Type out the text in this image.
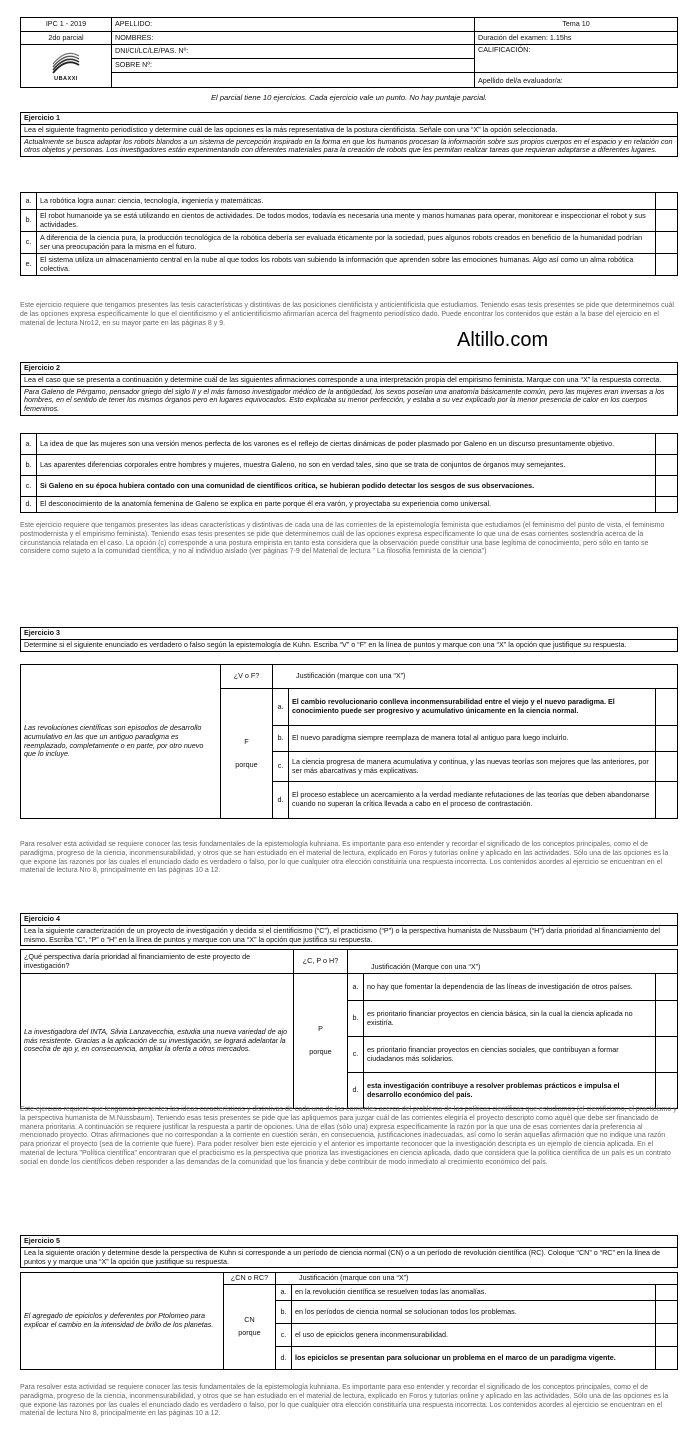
IPC 1 - 2019	APELLIDO:	Tema 10
2do parcial	NOMBRES:	Duración del examen: 1.15hs

UBAXXI	DNI/CI/LC/LE/PAS. Nº:	CALIFICACIÓN:
	SOBRE Nº:	
		Apellido del/a evaluador/a:
El parcial tiene 10 ejercicios. Cada ejercicio vale un punto. No hay puntaje parcial.
Ejercicio 1
Lea el siguiente fragmento periodístico y determine cuál de las opciones es la más representativa de la postura cientificista. Señale con una “X” la opción seleccionada.
Actualmente se busca adaptar los robots blandos a un sistema de percepción inspirado en la forma en que los humanos procesan la información sobre sus propios cuerpos en el espacio y en relación con otros objetos y personas. Los investigadores están experimentando con diferentes materiales para la creación de robots que les permitan realizar tareas que requieran adaptarse a diferentes lugares.
a.	La robótica logra aunar: ciencia, tecnología, ingeniería y matemáticas.	
b.	El robot humanoide ya se está utilizando en cientos de actividades. De todos modos, todavía es necesaria una mente y manos humanas para operar, monitorear e inspeccionar el robot y sus actividades.	
c.	A diferencia de la ciencia pura, la producción tecnológica de la robótica debería ser evaluada éticamente por la sociedad, pues algunos robots creados en beneficio de la humanidad podrían ser una preocupación para la misma en el futuro.	
e.	El sistema utiliza un almacenamiento central en la nube al que todos los robots van subiendo la información que aprenden sobre las emociones humanas. Algo así como un alma robótica colectiva.	
Este ejercicio requiere que tengamos presentes las tesis características y distintivas de las posiciones cientificista y anticientificista que estudiamos. Teniendo esas tesis presentes se pide que determinemos cuál de las opciones expresa específicamente lo que el cientificismo y el anticientificismo afirmarían acerca del fragmento periodístico dado. Puede encontrar los contenidos que están a la base del ejercicio en el material de lectura Nro12, en su mayor parte en las páginas 8 y 9.
Altillo.com
Ejercicio 2
Lea el caso que se presenta a continuación y determine cuál de las siguientes afirmaciones corresponde a una interpretación propia del empirismo feminista. Marque con una “X” la respuesta correcta.
Para Galeno de Pérgamo, pensador griego del siglo II y el más famoso investigador médico de la antigüedad, los sexos poseían una anatomía básicamente común, pero las mujeres eran inversas a los hombres, en el sentido de tener los mismos órganos pero en lugares equivocados. Esto explicaba su menor perfección, y estaba a su vez explicado por la menor presencia de calor en los cuerpos femeninos.
a.	La idea de que las mujeres son una versión menos perfecta de los varones es el reflejo de ciertas dinámicas de poder plasmado por Galeno en un discurso presuntamente objetivo.	
b.	Las aparentes diferencias corporales entre hombres y mujeres, muestra Galeno, no son en verdad tales, sino que se trata de conjuntos de órganos muy semejantes.	
c.	Si Galeno en su época hubiera contado con una comunidad de científicos crítica, se hubieran podido detectar los sesgos de sus observaciones.	
d.	El desconocimiento de la anatomía femenina de Galeno se explica en parte porque él era varón, y proyectaba su experiencia como universal.	
Este ejercicio requiere que tengamos presentes las ideas características y distintivas de cada una de las corrientes de la epistemología feminista que estudiamos (el feminismo del punto de vista, el feminismo postmodernista y el empirismo feminista). Teniendo esas tesis presentes se pide que determinemos cuál de las opciones expresa específicamente lo que una de esas corrientes sostendría acerca de la circunstancia relatada en el caso. La opción (c) corresponde a una postura empirista en tanto esta considera que la observación puede constituir una base legítima de conocimiento, pero sólo en tanto se considere como sujeto a la comunidad científica, y no al individuo aislado (ver páginas 7-9 del Material de lectura " La filosofía feminista de la ciencia")
Ejercicio 3
Determine si el siguiente enunciado es verdadero o falso según la epistemología de Kuhn. Escriba “V” o “F” en la línea de puntos y marque con una “X” la opción que justifique su respuesta.
Las revoluciones científicas son episodios de desarrollo acumulativo en las que un antiguo paradigma es reemplazado, completamente o en parte, por otro nuevo que lo incluye.	¿V o F?	Justificación (marque con una “X”)		

	F
porque	a.	El cambio revolucionario conlleva inconmensurabilidad entre el viejo y el nuevo paradigma. El conocimiento puede ser progresivo y acumulativo únicamente en la ciencia normal.	
		b.	El nuevo paradigma siempre reemplaza de manera total al antiguo para luego incluirlo.	
		c.	La ciencia progresa de manera acumulativa y continua, y las nuevas teorías son mejores que las anteriores, por ser más abarcativas y más explicativas.	
		d.	El proceso establece un acercamiento a la verdad mediante refutaciones de las teorías que deben abandonarse cuando no superan la crítica llevada a cabo en el proceso de contrastación.	
Para resolver esta actividad se requiere conocer las tesis fundamentales de la epistemología kuhniana. Es importante para eso entender y recordar el significado de los conceptos principales, como el de paradigma, progreso de la ciencia, inconmensurabilidad, y otros que se han estudiado en el material de lectura, explicado en Foros y tutorías online y aplicado en las actividades. Sólo una de las opciones es la que expone las razones por las cuales el enunciado dado es verdadero o falso, por lo que cualquier otra elección constituiría una respuesta incorrecta. Los contenidos acordes al ejercicio se encuentran en el material de lectura Nro 8, principalmente en las páginas 10 a 12.
Ejercicio 4
Lea la siguiente caracterización de un proyecto de investigación y decida si el cientificismo (“C”), el practicismo (“P”) o la perspectiva humanista de Nussbaum (“H”) daría prioridad al financiamiento del mismo. Escriba “C”, “P” o “H” en la línea de puntos y marque con una “X” la opción que justifica su respuesta.
¿Qué perspectiva daría prioridad al financiamiento de este proyecto de investigación?	¿C, P o H?	Justificación (Marque con una “X”)		
La investigadora del INTA, Silvia Lanzavecchia, estudia una nueva variedad de ajo más resistente. Gracias a la aplicación de su investigación, se logrará adelantar la cosecha de ajo y, en consecuencia, ampliar la oferta a otros mercados.	P
porque	a.	no hay que fomentar la dependencia de las líneas de investigación de otros países.	
		b.	es prioritario financiar proyectos en ciencia básica, sin la cual la ciencia aplicada no existiría.	
		c.	es prioritario financiar proyectos en ciencias sociales, que contribuyan a formar ciudadanos más solidarios.	
		d.	esta investigación contribuye a resolver problemas prácticos e impulsa el desarrollo económico del país.	
Este ejercicio requiere que tengamos presentes las ideas características y distintivas de cada una de las corrientes acerca del problema de las políticas científicas que estudiamos (el cientificismo, el practicismo y la perspectiva humanista de M.Nussbaum). Teniendo esas tesis presentes se pide que las apliquemos para juzgar cuál de las corrientes elegiría el proyecto descripto como aquél que debe ser financiado de manera prioritaria. A continuación se requiere justificar la respuesta a partir de opciones. Una de ellas (sólo una) expresa específicamente la razón por la que una de esas corrientes daría preferencia al mencionado proyecto. Otras afirmaciones que no correspondan a la corriente en cuestión serán, en consecuencia, justificaciones inadecuadas, así como lo serán aquellas afirmación que no indique una razón para priorizar el proyecto (sea de la corriente que fuere). Para poder resolver bien este ejercicio y el anterior es importante reconocer que la investigación descripta es un ejemplo de ciencia aplicada. En el material de lectura "Política científica" encontraran que el practicismo es la perspectiva que prioriza las investigaciones en ciencia aplicada, dado que considera que la política científica de un país es un contrato social en donde los científicos deben responder a las demandas de la comunidad que los financia y debe contribuir de modo inmediato al crecimiento económico del país.
Ejercicio 5
Lea la siguiente oración y determine desde la perspectiva de Kuhn si corresponde a un período de ciencia normal (CN) o a un período de revolución científica (RC). Coloque “CN” o “RC” en la línea de puntos y y marque una “X” la opción que justifique su respuesta.
El agregado de epiciclos y deferentes por Ptolomeo para explicar el cambio en la intensidad de brillo de los planetas.	¿CN o RC?	Justificación (marque con una “X”)		

	CN
porque	a.	en la revolución científica se resuelven todas las anomalías.	
		b.	en los períodos de ciencia normal se solucionan todos los problemas.	
		c.	el uso de epiciclos genera inconmensurabilidad.	
		d.	los epiciclos se presentan para solucionar un problema en el marco de un paradigma vigente.	
Para resolver esta actividad se requiere conocer las tesis fundamentales de la epistemología kuhniana. Es importante para eso entender y recordar el significado de los conceptos principales, como el de paradigma, progreso de la ciencia, inconmensurabilidad, y otros que se han estudiado en el material de lectura, explicado en Foros y tutorías online y aplicado en las actividades. Sólo una de las opciones es la que expone las razones por las cuales el enunciado dado es verdadero o falso, por lo que cualquier otra elección constituiría una respuesta incorrecta. Los contenidos acordes al ejercicio se encuentran en el material de lectura Nro 8, principalmente en las páginas 10 a 12.
